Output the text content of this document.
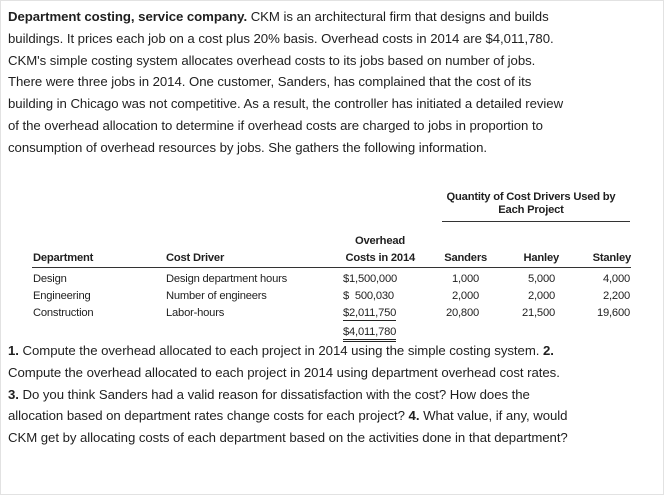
Department costing, service company. CKM is an architectural firm that designs and builds
buildings. It prices each job on a cost plus 20% basis. Overhead costs in 2014 are $4,011,780.
CKM's simple costing system allocates overhead costs to its jobs based on number of jobs.
There were three jobs in 2014. One customer, Sanders, has complained that the cost of its
building in Chicago was not competitive. As a result, the controller has initiated a detailed review
of the overhead allocation to determine if overhead costs are charged to jobs in proportion to
consumption of overhead resources by jobs. She gathers the following information.
Quantity of Cost Drivers Used by
Each Project
Overhead
Department	Cost Driver	Costs in 2014	Sanders	Hanley	Stanley
Design	Design department hours	$1,500,000	1,000	5,000	4,000
Engineering	Number of engineers	$  500,030	2,000	2,000	2,200
Construction	Labor-hours	$2,011,750	20,800	21,500	19,600
$4,011,780
1. Compute the overhead allocated to each project in 2014 using the simple costing system. 2.
Compute the overhead allocated to each project in 2014 using department overhead cost rates.
3. Do you think Sanders had a valid reason for dissatisfaction with the cost? How does the
allocation based on department rates change costs for each project? 4. What value, if any, would
CKM get by allocating costs of each department based on the activities done in that department?
